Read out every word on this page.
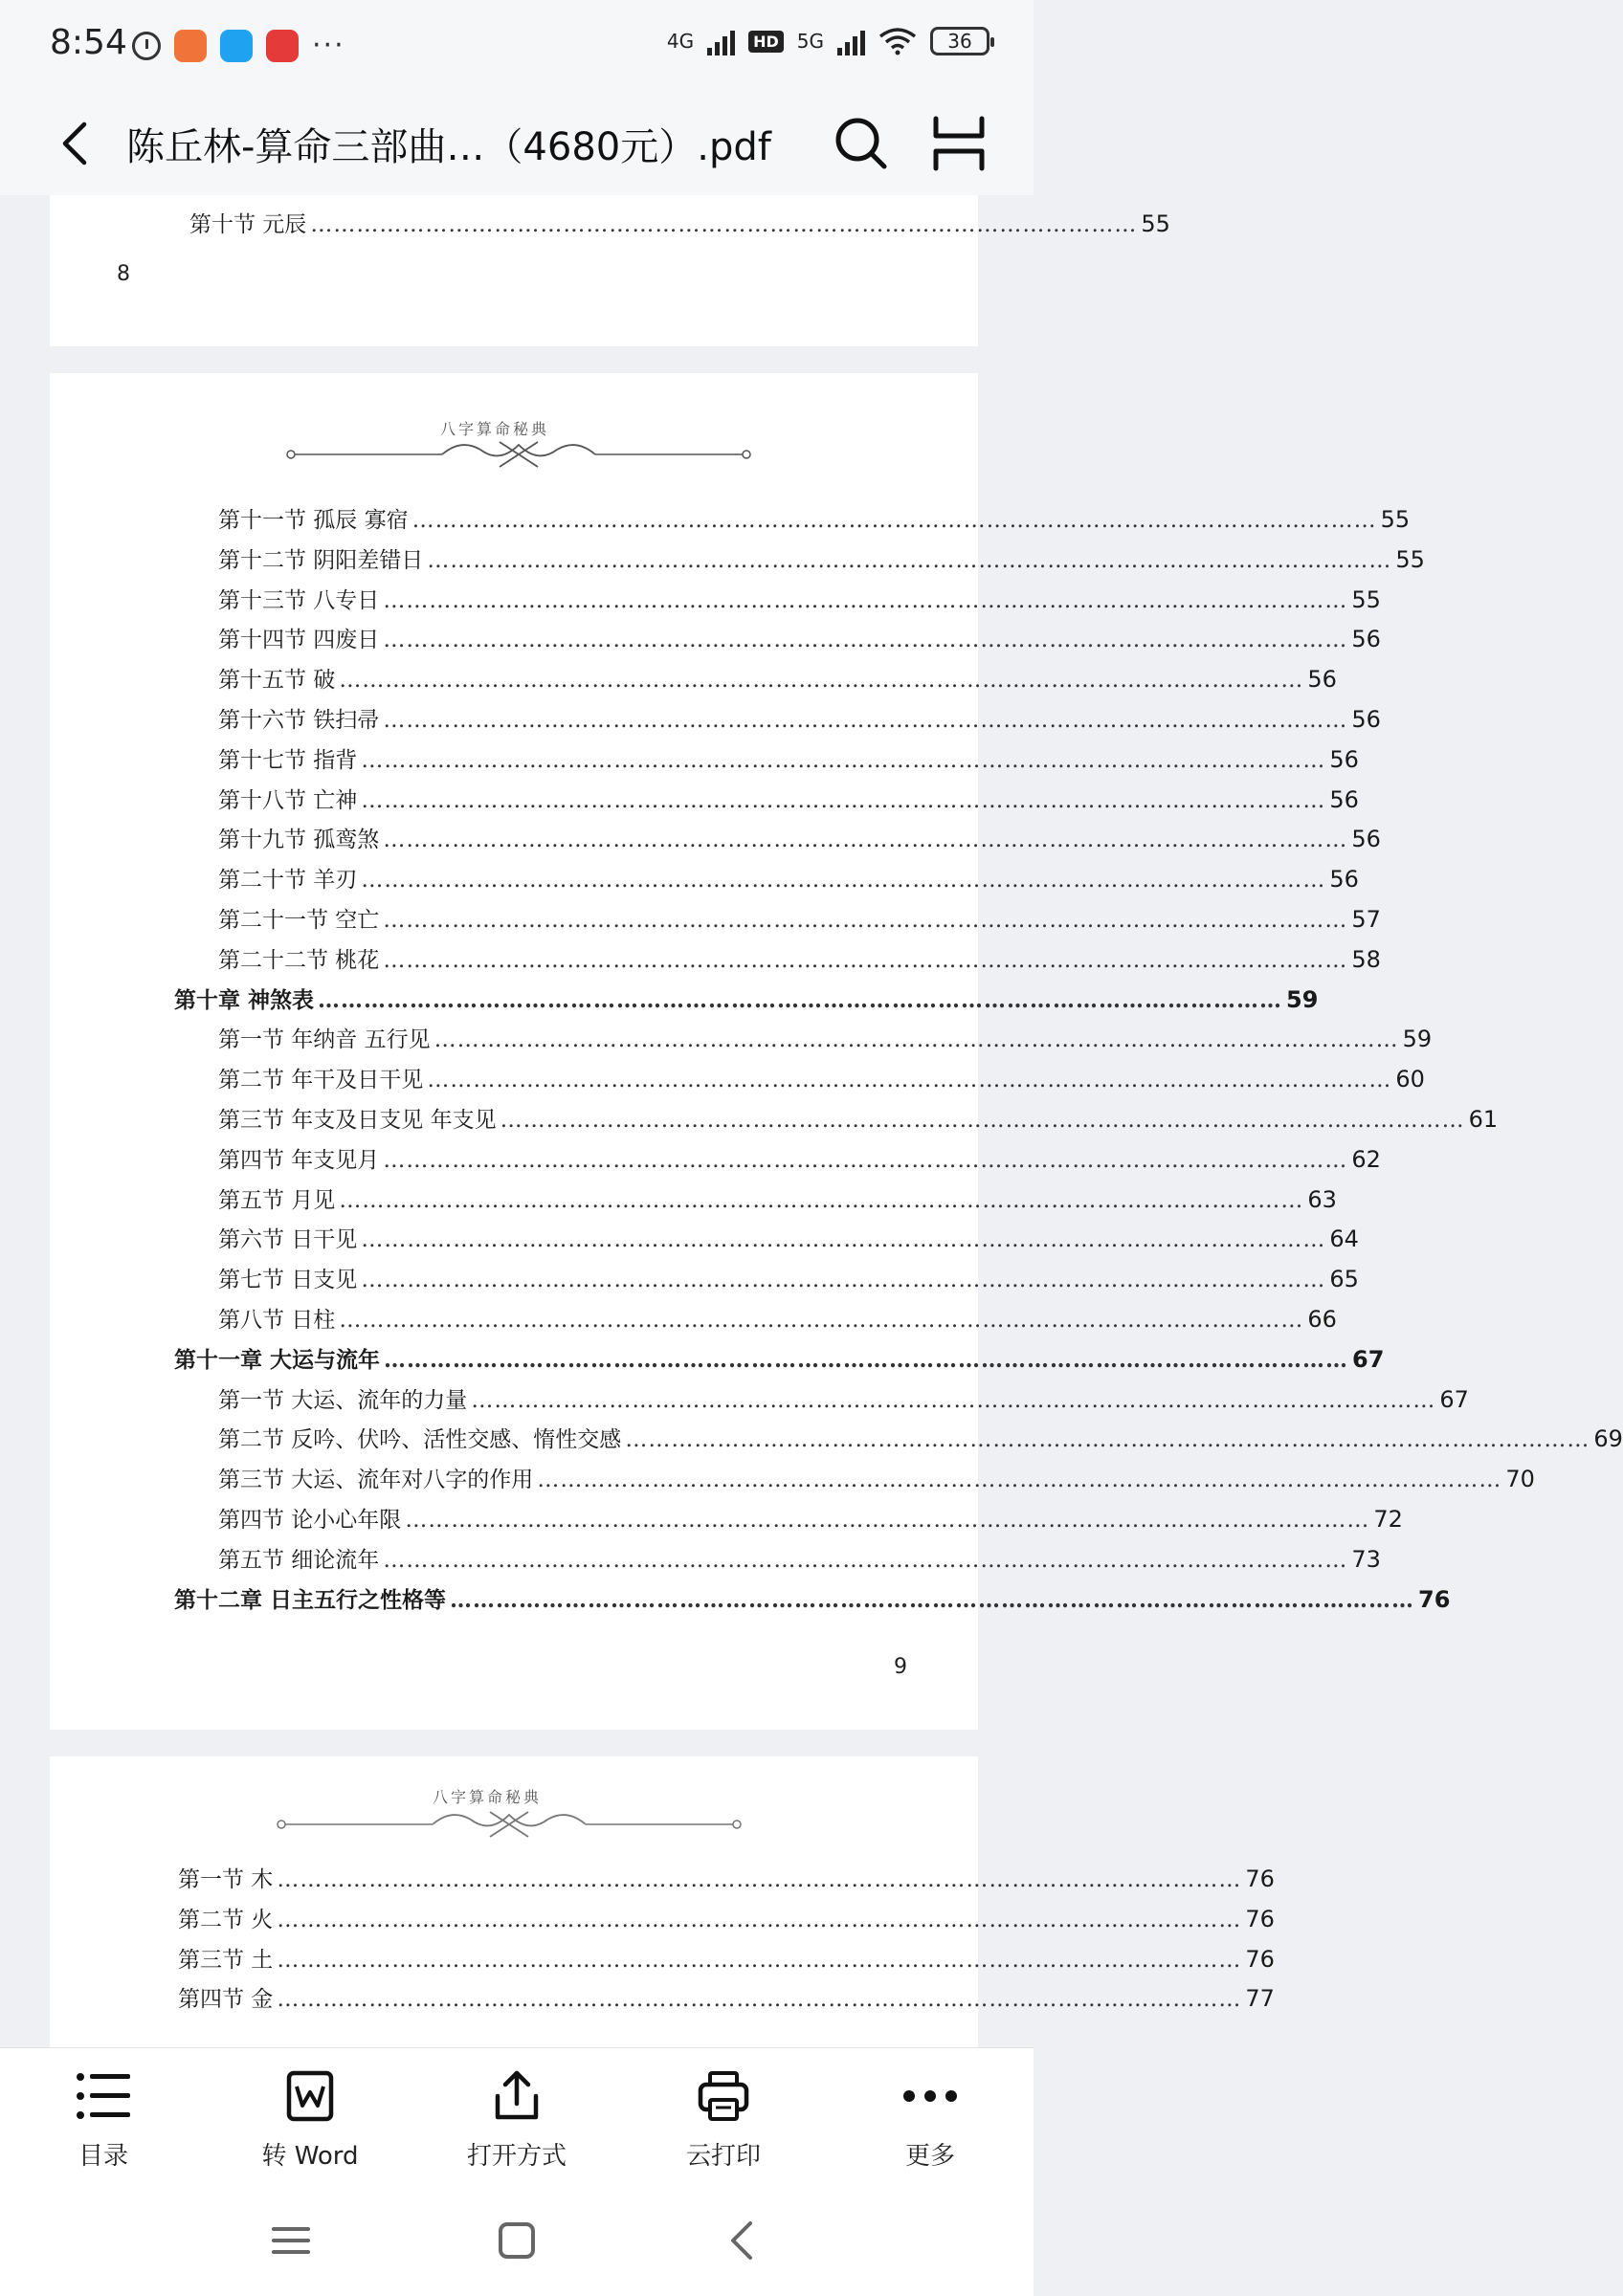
8:54	···	4G	HD 5G	36
陈丘林-算命三部曲…（4680元）.pdf
第十节 元辰 ……………………………………………………………………………………………… 55
8
八字算命秘典
第十一节 孤辰 寡宿 ……………………………………………………………………………………………………………… 55
第十二节 阴阳差错日 ……………………………………………………………………………………………………………… 55
第十三节 八专日 ……………………………………………………………………………………………………………… 55
第十四节 四废日 ……………………………………………………………………………………………………………… 56
第十五节 破 ……………………………………………………………………………………………………………… 56
第十六节 铁扫帚 ……………………………………………………………………………………………………………… 56
第十七节 指背 ……………………………………………………………………………………………………………… 56
第十八节 亡神 ……………………………………………………………………………………………………………… 56
第十九节 孤鸾煞 ……………………………………………………………………………………………………………… 56
第二十节 羊刃 ……………………………………………………………………………………………………………… 56
第二十一节 空亡 ……………………………………………………………………………………………………………… 57
第二十二节 桃花 ……………………………………………………………………………………………………………… 58
第十章 神煞表 ……………………………………………………………………………………………………………… 59
第一节 年纳音 五行见 ……………………………………………………………………………………………………………… 59
第二节 年干及日干见 ……………………………………………………………………………………………………………… 60
第三节 年支及日支见 年支见 ……………………………………………………………………………………………………………… 61
第四节 年支见月 ……………………………………………………………………………………………………………… 62
第五节 月见 ……………………………………………………………………………………………………………… 63
第六节 日干见 ……………………………………………………………………………………………………………… 64
第七节 日支见 ……………………………………………………………………………………………………………… 65
第八节 日柱 ……………………………………………………………………………………………………………… 66
第十一章 大运与流年 ……………………………………………………………………………………………………………… 67
第一节 大运、流年的力量 ……………………………………………………………………………………………………………… 67
第二节 反吟、伏吟、活性交感、惰性交感 ……………………………………………………………………………………………………………… 69
第三节 大运、流年对八字的作用 ……………………………………………………………………………………………………………… 70
第四节 论小心年限 ……………………………………………………………………………………………………………… 72
第五节 细论流年 ……………………………………………………………………………………………………………… 73
第十二章 日主五行之性格等 ……………………………………………………………………………………………………………… 76
9
八字算命秘典
第一节 木 ……………………………………………………………………………………………………………… 76
第二节 火 ……………………………………………………………………………………………………………… 76
第三节 土 ……………………………………………………………………………………………………………… 76
第四节 金 ……………………………………………………………………………………………………………… 77
目录	转 Word	打开方式	云打印	更多
